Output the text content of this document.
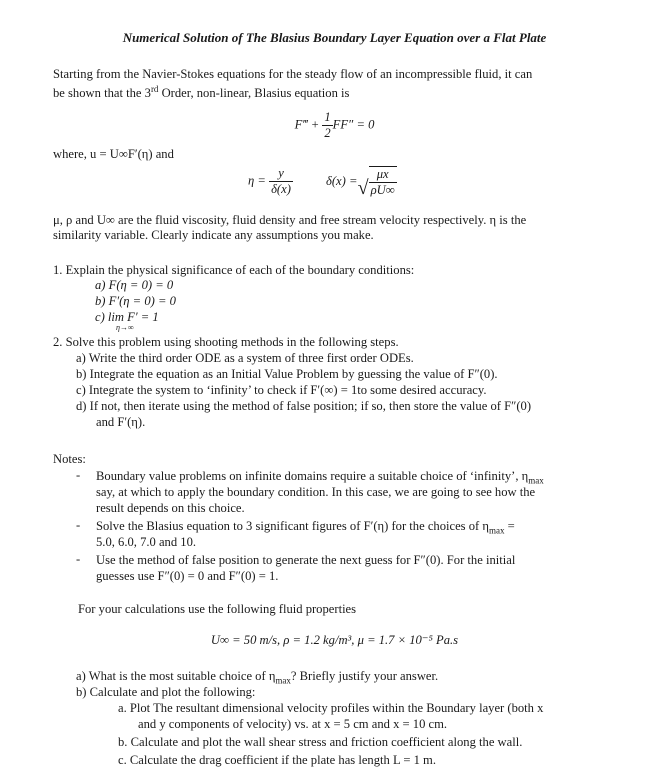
Numerical Solution of The Blasius Boundary Layer Equation over a Flat Plate
Starting from the Navier-Stokes equations for the steady flow of an incompressible fluid, it can
be shown that the 3rd Order, non-linear, Blasius equation is
F‴ + $\frac{1}{2} FF'' = 0$
where, u = U∞F′(η) and
$\eta = \frac{y}{\delta(x)}$	δ(x) =
√ $\frac{\mu x}{\rho U\infty}$
μ, ρ and U∞ are the fluid viscosity, fluid density and free stream velocity respectively. η is the
similarity variable. Clearly indicate any assumptions you make.
1. Explain the physical significance of each of the boundary conditions:
a) F(η = 0) = 0
b) F′(η = 0) = 0
c) lim F′ = 1
η→∞
2. Solve this problem using shooting methods in the following steps.
a) Write the third order ODE as a system of three first order ODEs.
b) Integrate the equation as an Initial Value Problem by guessing the value of F″(0).
c) Integrate the system to ‘infinity’ to check if F′(∞) = 1to some desired accuracy.
d) If not, then iterate using the method of false position; if so, then store the value of F″(0)
and F′(η).
Notes:
- Boundary value problems on infinite domains require a suitable choice of ‘infinity’, $\eta_{max}$
say, at which to apply the boundary condition. In this case, we are going to see how the
result depends on this choice.
- Solve the Blasius equation to 3 significant figures of F′(η) for the choices of $\eta_{max}$ =
5.0, 6.0, 7.0 and 10.
- Use the method of false position to generate the next guess for F″(0). For the initial
guesses use F″(0) = 0 and F″(0) = 1.
For your calculations use the following fluid properties
U∞ = 50 m/s, ρ = 1.2 kg/m³, μ = 1.7 × 10⁻⁵ Pa.s
a) What is the most suitable choice of $\eta_{max}$? Briefly justify your answer.
b) Calculate and plot the following:
a. Plot The resultant dimensional velocity profiles within the Boundary layer (both x
and y components of velocity) vs. at x = 5 cm and x = 10 cm.
b. Calculate and plot the wall shear stress and friction coefficient along the wall.
c. Calculate the drag coefficient if the plate has length L = 1 m.
